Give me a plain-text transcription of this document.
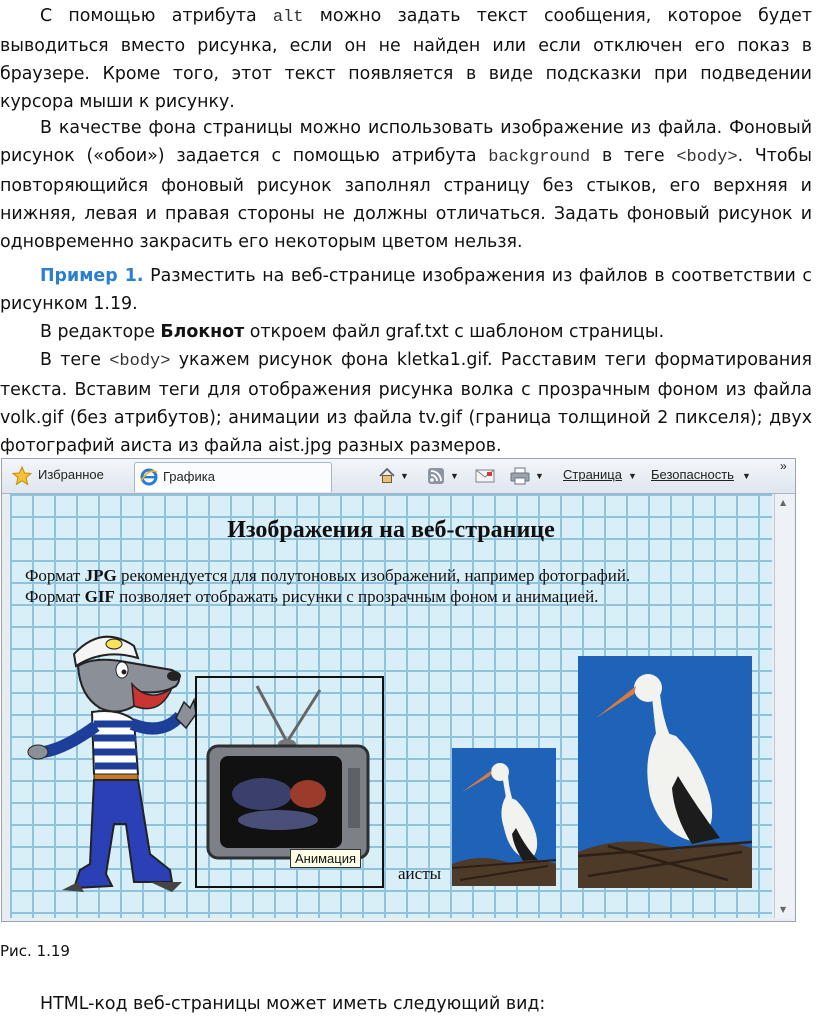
С помощью атрибута alt можно задать текст сообщения, которое будет выводиться вместо рисунка, если он не найден или если отключен его показ в браузере. Кроме того, этот текст появляется в виде подсказки при подведении курсора мыши к рисунку.
В качестве фона страницы можно использовать изображение из файла. Фоновый рисунок («обои») задается с помощью атрибута background в теге <body>. Чтобы повторяющийся фоновый рисунок заполнял страницу без стыков, его верхняя и нижняя, левая и правая стороны не должны отличаться. Задать фоновый рисунок и одновременно закрасить его некоторым цветом нельзя.
Пример 1. Разместить на веб-странице изображения из файлов в соответствии с рисунком 1.19.
В редакторе Блокнот откроем файл graf.txt с шаблоном страницы.
В теге <body> укажем рисунок фона kletka1.gif. Расставим теги форматирования текста. Вставим теги для отображения рисунка волка с прозрачным фоном из файла volk.gif (без атрибутов); анимации из файла tv.gif (граница толщиной 2 пикселя); двух фотографий аиста из файла aist.jpg разных размеров.
Избранное	Графика	▼	▼	▼ Страница ▼ Безопасность ▼
»
Изображения на веб-странице
Формат JPG рекомендуется для полутоновых изображений, например фотографий.
Формат GIF позволяет отображать рисунки с прозрачным фоном и анимацией.
Анимация
аисты
▲
▼
Рис. 1.19
HTML-код веб-страницы может иметь следующий вид:
